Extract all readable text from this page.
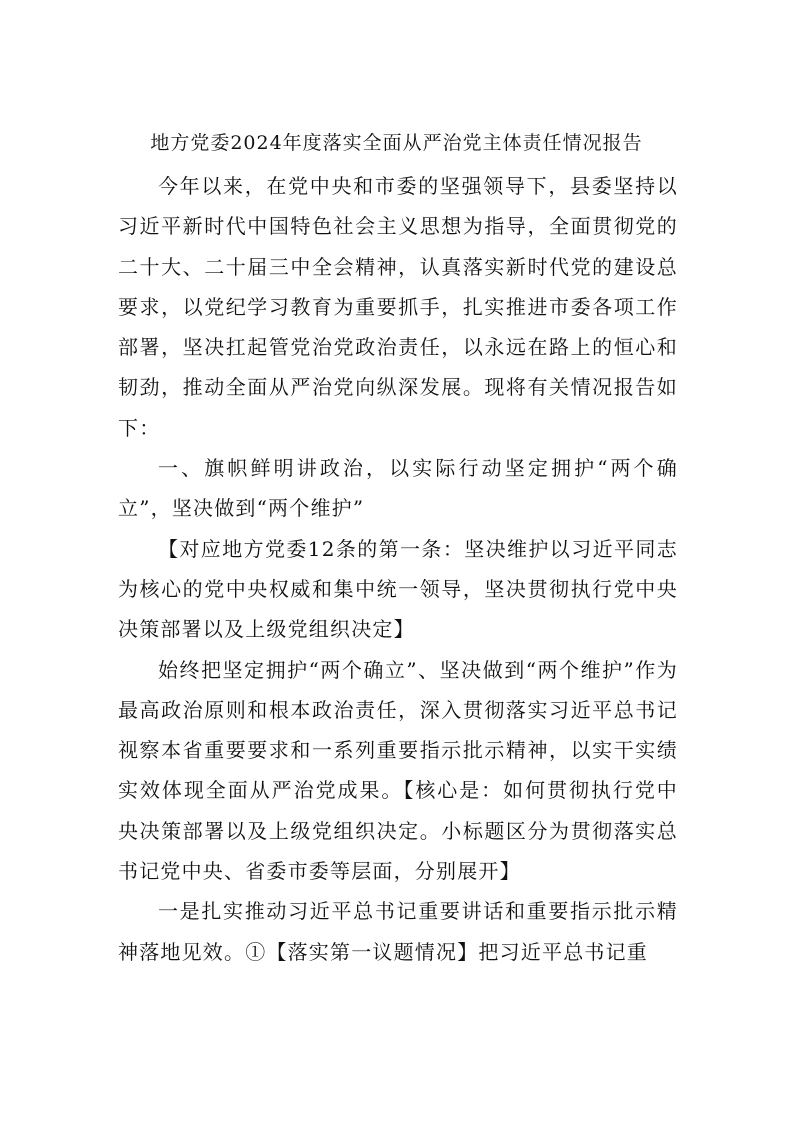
地方党委2024年度落实全面从严治党主体责任情况报告

今年以来，在党中央和市委的坚强领导下，县委坚持以习近平新时代中国特色社会主义思想为指导，全面贯彻党的二十大、二十届三中全会精神，认真落实新时代党的建设总要求，以党纪学习教育为重要抓手，扎实推进市委各项工作部署，坚决扛起管党治党政治责任，以永远在路上的恒心和韧劲，推动全面从严治党向纵深发展。现将有关情况报告如下：

一、旗帜鲜明讲政治，以实际行动坚定拥护“两个确立”，坚决做到“两个维护”

【对应地方党委12条的第一条：坚决维护以习近平同志为核心的党中央权威和集中统一领导，坚决贯彻执行党中央决策部署以及上级党组织决定】

始终把坚定拥护“两个确立”、坚决做到“两个维护”作为最高政治原则和根本政治责任，深入贯彻落实习近平总书记视察本省重要要求和一系列重要指示批示精神，以实干实绩实效体现全面从严治党成果。【核心是：如何贯彻执行党中央决策部署以及上级党组织决定。小标题区分为贯彻落实总书记党中央、省委市委等层面，分别展开】

一是扎实推动习近平总书记重要讲话和重要指示批示精神落地见效。①【落实第一议题情况】把习近平总书记重
